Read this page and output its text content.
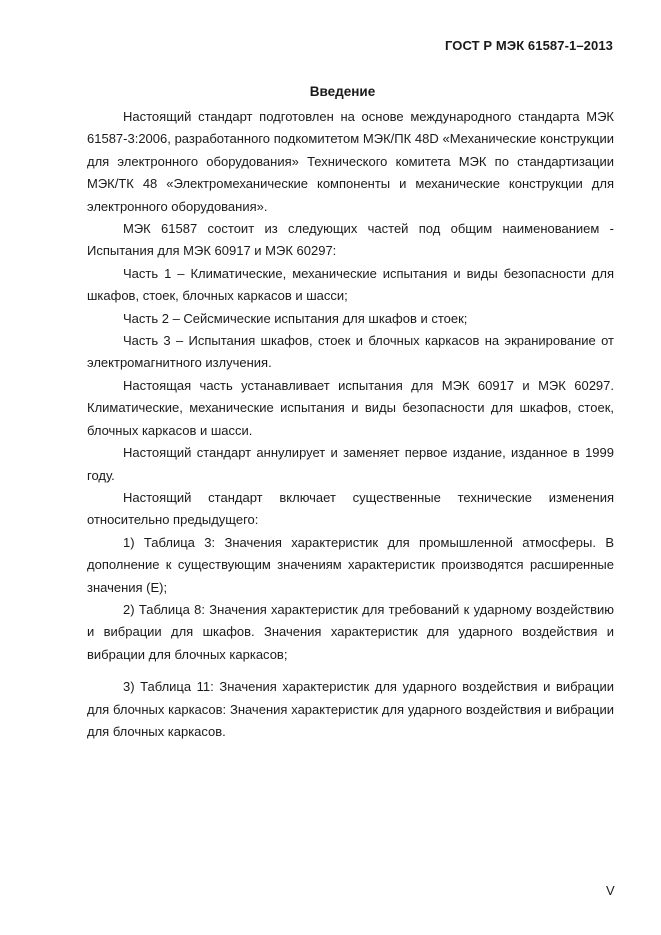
ГОСТ Р МЭК 61587-1–2013
Введение

Настоящий стандарт подготовлен на основе международного стандарта МЭК 61587-3:2006, разработанного подкомитетом МЭК/ПК 48D «Механические конструкции для электронного оборудования» Технического комитета МЭК по стандартизации МЭК/ТК 48 «Электромеханические компоненты и механические конструкции для электронного оборудования».

МЭК 61587 состоит из следующих частей под общим наименованием - Испытания для МЭК 60917 и МЭК 60297:

Часть 1 – Климатические, механические испытания и виды безопасности для шкафов, стоек, блочных каркасов и шасси;

Часть 2 – Сейсмические испытания для шкафов и стоек;

Часть 3 – Испытания шкафов, стоек и блочных каркасов на экранирование от электромагнитного излучения.

Настоящая часть устанавливает испытания для МЭК 60917 и МЭК 60297. Климатические, механические испытания и виды безопасности для шкафов, стоек, блочных каркасов и шасси.

Настоящий стандарт аннулирует и заменяет первое издание, изданное в 1999 году.

Настоящий стандарт включает существенные технические изменения относительно предыдущего:

1) Таблица 3: Значения характеристик для промышленной атмосферы. В дополнение к существующим значениям характеристик производятся расширенные значения (E);

2) Таблица 8: Значения характеристик для требований к ударному воздействию и вибрации для шкафов. Значения характеристик для ударного воздействия и вибрации для блочных каркасов;

3) Таблица 11: Значения характеристик для ударного воздействия и вибрации для блочных каркасов: Значения характеристик для ударного воздействия и вибрации для блочных каркасов.

V
